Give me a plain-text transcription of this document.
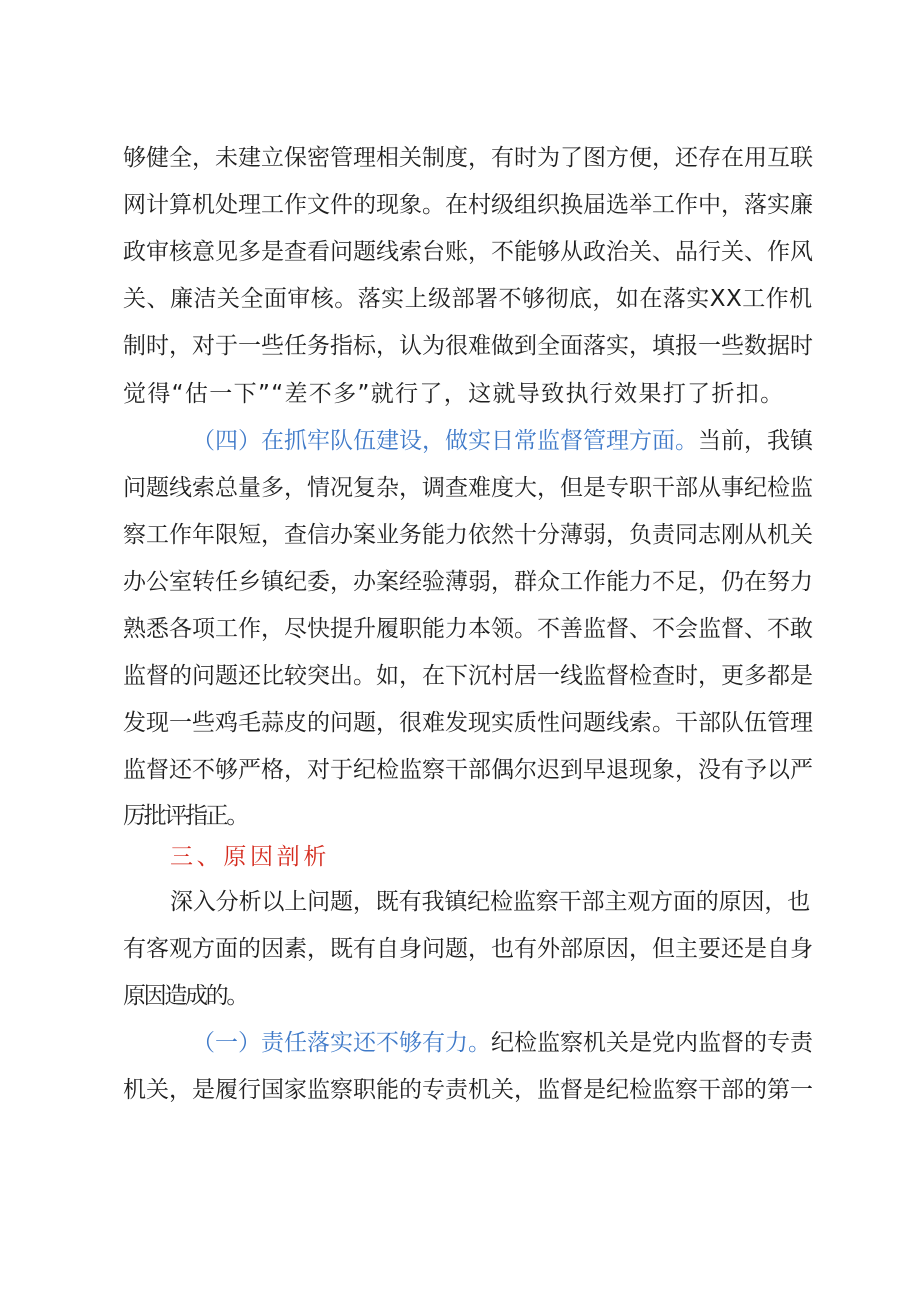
够健全，未建立保密管理相关制度，有时为了图方便，还存在用互联
网计算机处理工作文件的现象。在村级组织换届选举工作中，落实廉
政审核意见多是查看问题线索台账，不能够从政治关、品行关、作风
关、廉洁关全面审核。落实上级部署不够彻底，如在落实XX工作机
制时，对于一些任务指标，认为很难做到全面落实，填报一些数据时
觉得“估一下”“差不多”就行了，这就导致执行效果打了折扣。
（四）在抓牢队伍建设，做实日常监督管理方面。当前，我镇
问题线索总量多，情况复杂，调查难度大，但是专职干部从事纪检监
察工作年限短，查信办案业务能力依然十分薄弱，负责同志刚从机关
办公室转任乡镇纪委，办案经验薄弱，群众工作能力不足，仍在努力
熟悉各项工作，尽快提升履职能力本领。不善监督、不会监督、不敢
监督的问题还比较突出。如，在下沉村居一线监督检查时，更多都是
发现一些鸡毛蒜皮的问题，很难发现实质性问题线索。干部队伍管理
监督还不够严格，对于纪检监察干部偶尔迟到早退现象，没有予以严
厉批评指正。
三、原因剖析
深入分析以上问题，既有我镇纪检监察干部主观方面的原因，也
有客观方面的因素，既有自身问题，也有外部原因，但主要还是自身
原因造成的。
（一）责任落实还不够有力。纪检监察机关是党内监督的专责
机关，是履行国家监察职能的专责机关，监督是纪检监察干部的第一
